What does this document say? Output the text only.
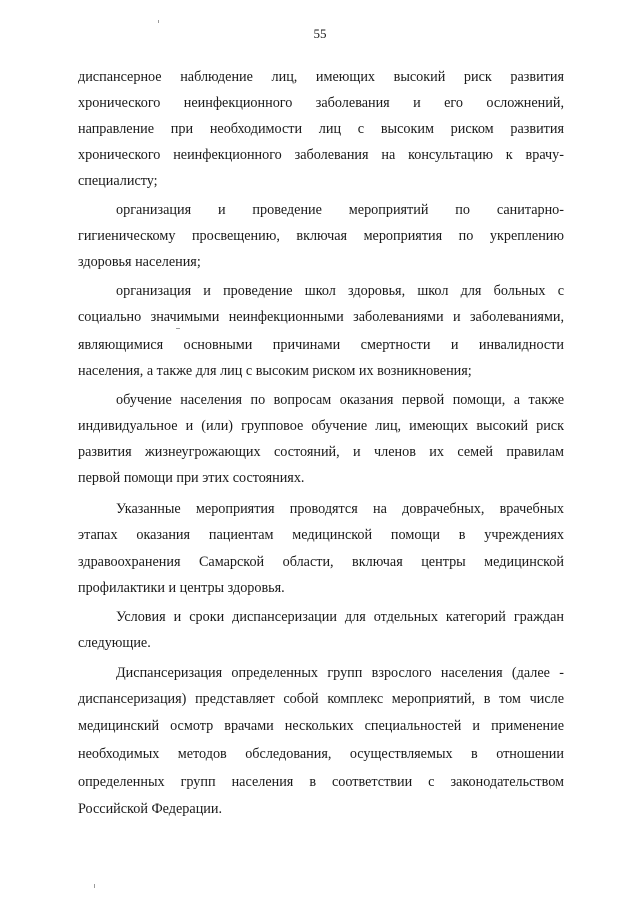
55
диспансерное наблюдение лиц, имеющих высокий риск развития
хронического неинфекционного заболевания и его осложнений,
направление при необходимости лиц с высоким риском развития
хронического неинфекционного заболевания на консультацию к врачу-
специалисту;
организация и проведение мероприятий по санитарно-
гигиеническому просвещению, включая мероприятия по укреплению
здоровья населения;
организация и проведение школ здоровья, школ для больных с
социально значимыми неинфекционными заболеваниями и заболеваниями,
являющимися основными причинами смертности и инвалидности
населения, а также для лиц с высоким риском их возникновения;
обучение населения по вопросам оказания первой помощи, а также
индивидуальное и (или) групповое обучение лиц, имеющих высокий риск
развития жизнеугрожающих состояний, и членов их семей правилам
первой помощи при этих состояниях.
Указанные мероприятия проводятся на доврачебных, врачебных
этапах оказания пациентам медицинской помощи в учреждениях
здравоохранения Самарской области, включая центры медицинской
профилактики и центры здоровья.
Условия и сроки диспансеризации для отдельных категорий граждан
следующие.
Диспансеризация определенных групп взрослого населения (далее -
диспансеризация) представляет собой комплекс мероприятий, в том числе
медицинский осмотр врачами нескольких специальностей и применение
необходимых методов обследования, осуществляемых в отношении
определенных групп населения в соответствии с законодательством
Российской Федерации.
